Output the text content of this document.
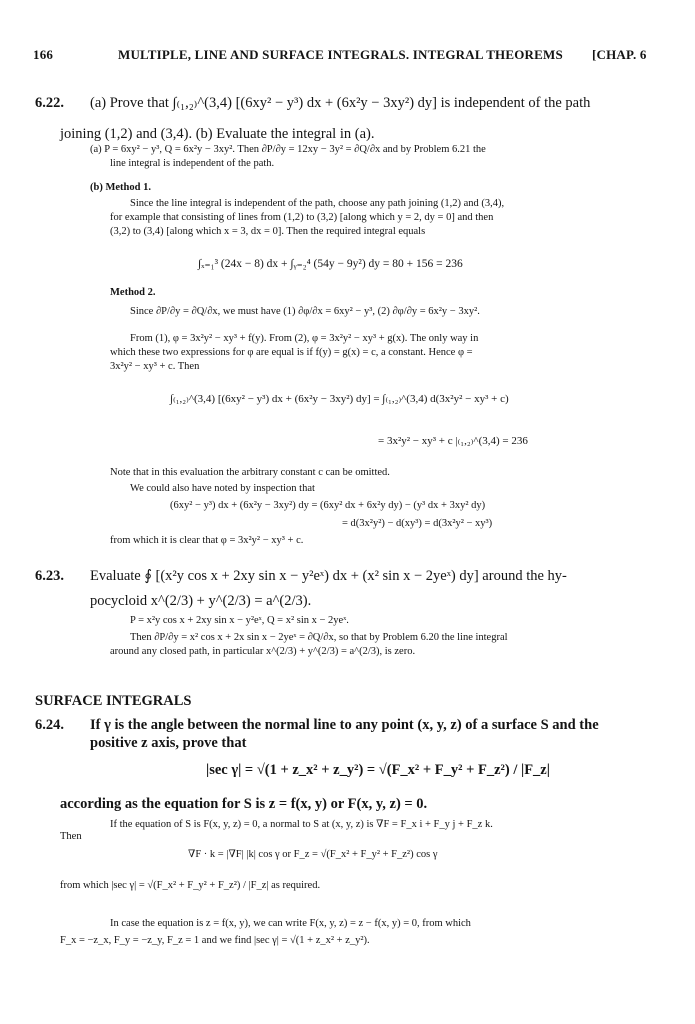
166	MULTIPLE, LINE AND SURFACE INTEGRALS. INTEGRAL THEOREMS [CHAP. 6
6.22. (a) Prove that ∫₍₁,₂₎^(3,4) [(6xy² − y³) dx + (6x²y − 3xy²) dy] is independent of the path
joining (1,2) and (3,4). (b) Evaluate the integral in (a).
(a) P = 6xy² − y³, Q = 6x²y − 3xy². Then ∂P/∂y = 12xy − 3y² = ∂Q/∂x and by Problem 6.21 the
line integral is independent of the path.
(b) Method 1.
Since the line integral is independent of the path, choose any path joining (1,2) and (3,4),
for example that consisting of lines from (1,2) to (3,2) [along which y = 2, dy = 0] and then
(3,2) to (3,4) [along which x = 3, dx = 0]. Then the required integral equals
∫ₓ₌₁³ (24x − 8) dx + ∫ᵧ₌₂⁴ (54y − 9y²) dy = 80 + 156 = 236
Method 2.
Since ∂P/∂y = ∂Q/∂x, we must have (1) ∂φ/∂x = 6xy² − y³, (2) ∂φ/∂y = 6x²y − 3xy².
From (1), φ = 3x²y² − xy³ + f(y). From (2), φ = 3x²y² − xy³ + g(x). The only way in
which these two expressions for φ are equal is if f(y) = g(x) = c, a constant. Hence φ =
3x²y² − xy³ + c. Then
∫₍₁,₂₎^(3,4) [(6xy² − y³) dx + (6x²y − 3xy²) dy] = ∫₍₁,₂₎^(3,4) d(3x²y² − xy³ + c)
= 3x²y² − xy³ + c |₍₁,₂₎^(3,4) = 236
Note that in this evaluation the arbitrary constant c can be omitted.
We could also have noted by inspection that
(6xy² − y³) dx + (6x²y − 3xy²) dy = (6xy² dx + 6x²y dy) − (y³ dx + 3xy² dy)
= d(3x²y²) − d(xy³) = d(3x²y² − xy³)
from which it is clear that φ = 3x²y² − xy³ + c.
6.23. Evaluate ∮ [(x²y cos x + 2xy sin x − y²eˣ) dx + (x² sin x − 2yeˣ) dy] around the hy-
pocycloid x^(2/3) + y^(2/3) = a^(2/3).
P = x²y cos x + 2xy sin x − y²eˣ, Q = x² sin x − 2yeˣ.
Then ∂P/∂y = x² cos x + 2x sin x − 2yeˣ = ∂Q/∂x, so that by Problem 6.20 the line integral
around any closed path, in particular x^(2/3) + y^(2/3) = a^(2/3), is zero.
SURFACE INTEGRALS
6.24. If γ is the angle between the normal line to any point (x, y, z) of a surface S and the
positive z axis, prove that
|sec γ| = √(1 + z_x² + z_y²) = √(F_x² + F_y² + F_z²) / |F_z|
according as the equation for S is z = f(x, y) or F(x, y, z) = 0.
If the equation of S is F(x, y, z) = 0, a normal to S at (x, y, z) is ∇F = F_x i + F_y j + F_z k.
Then
∇F · k = |∇F| |k| cos γ or F_z = √(F_x² + F_y² + F_z²) cos γ
from which |sec γ| = √(F_x² + F_y² + F_z²) / |F_z| as required.
In case the equation is z = f(x, y), we can write F(x, y, z) = z − f(x, y) = 0, from which
F_x = −z_x, F_y = −z_y, F_z = 1 and we find |sec γ| = √(1 + z_x² + z_y²).
